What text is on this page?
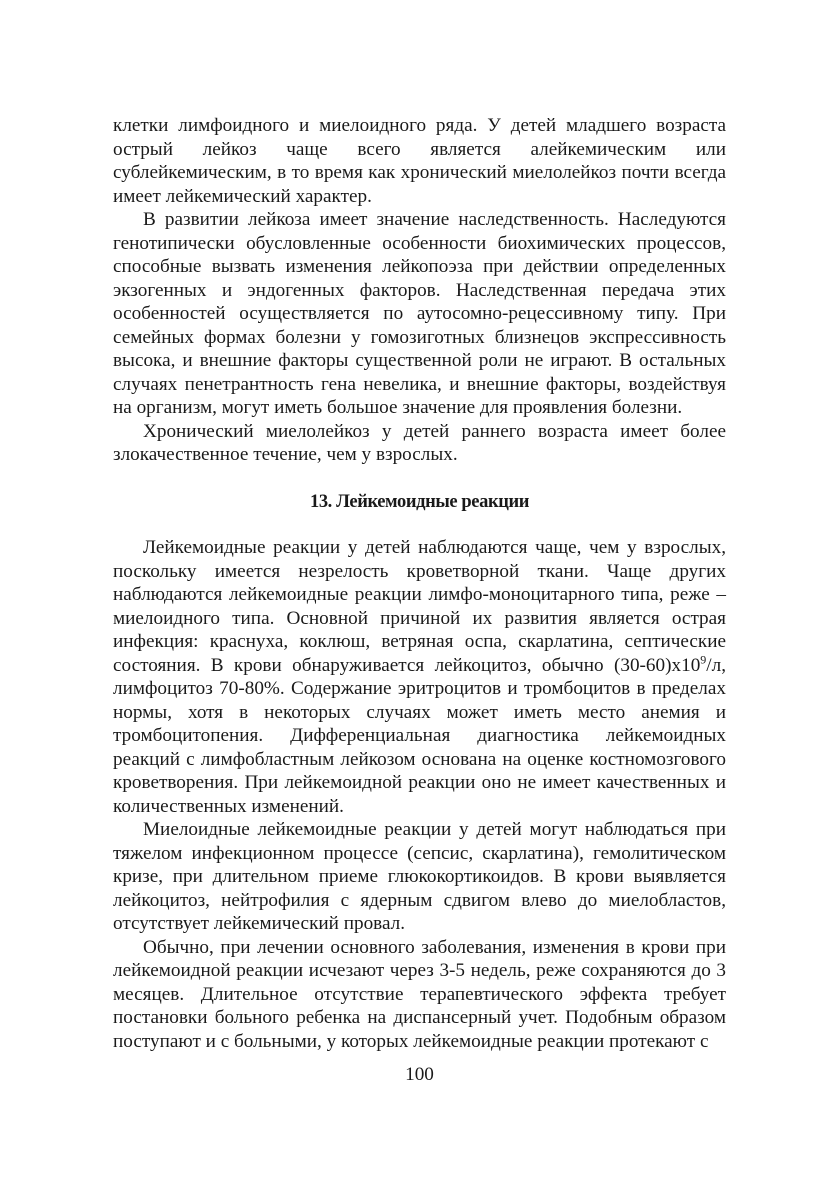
клетки лимфоидного и миелоидного ряда. У детей младшего возраста острый лейкоз чаще всего является алейкемическим или сублейкемическим, в то время как хронический миелолейкоз почти всегда имеет лейкемический характер.

В развитии лейкоза имеет значение наследственность. Наследуются генотипически обусловленные особенности биохимических процессов, способные вызвать изменения лейкопоэза при действии определенных экзогенных и эндогенных факторов. Наследственная передача этих особенностей осуществляется по аутосомно-рецессивному типу. При семейных формах болезни у гомозиготных близнецов экспрессивность высока, и внешние факторы существенной роли не играют. В остальных случаях пенетрантность гена невелика, и внешние факторы, воздействуя на организм, могут иметь большое значение для проявления болезни.

Хронический миелолейкоз у детей раннего возраста имеет более злокачественное течение, чем у взрослых.

13. Лейкемоидные реакции

Лейкемоидные реакции у детей наблюдаются чаще, чем у взрослых, поскольку имеется незрелость кроветворной ткани. Чаще других наблюдаются лейкемоидные реакции лимфо-моноцитарного типа, реже – миелоидного типа. Основной причиной их развития является острая инфекция: краснуха, коклюш, ветряная оспа, скарлатина, септические состояния. В крови обнаруживается лейкоцитоз, обычно $(30-60)х10^9/л$, лимфоцитоз 70-80%. Содержание эритроцитов и тромбоцитов в пределах нормы, хотя в некоторых случаях может иметь место анемия и тромбоцитопения. Дифференциальная диагностика лейкемоидных реакций с лимфобластным лейкозом основана на оценке костномозгового кроветворения. При лейкемоидной реакции оно не имеет качественных и количественных изменений.

Миелоидные лейкемоидные реакции у детей могут наблюдаться при тяжелом инфекционном процессе (сепсис, скарлатина), гемолитическом кризе, при длительном приеме глюкокортикоидов. В крови выявляется лейкоцитоз, нейтрофилия с ядерным сдвигом влево до миелобластов, отсутствует лейкемический провал.

Обычно, при лечении основного заболевания, изменения в крови при лейкемоидной реакции исчезают через 3-5 недель, реже сохраняются до 3 месяцев. Длительное отсутствие терапевтического эффекта требует постановки больного ребенка на диспансерный учет. Подобным образом поступают и с больными, у которых лейкемоидные реакции протекают с

100
